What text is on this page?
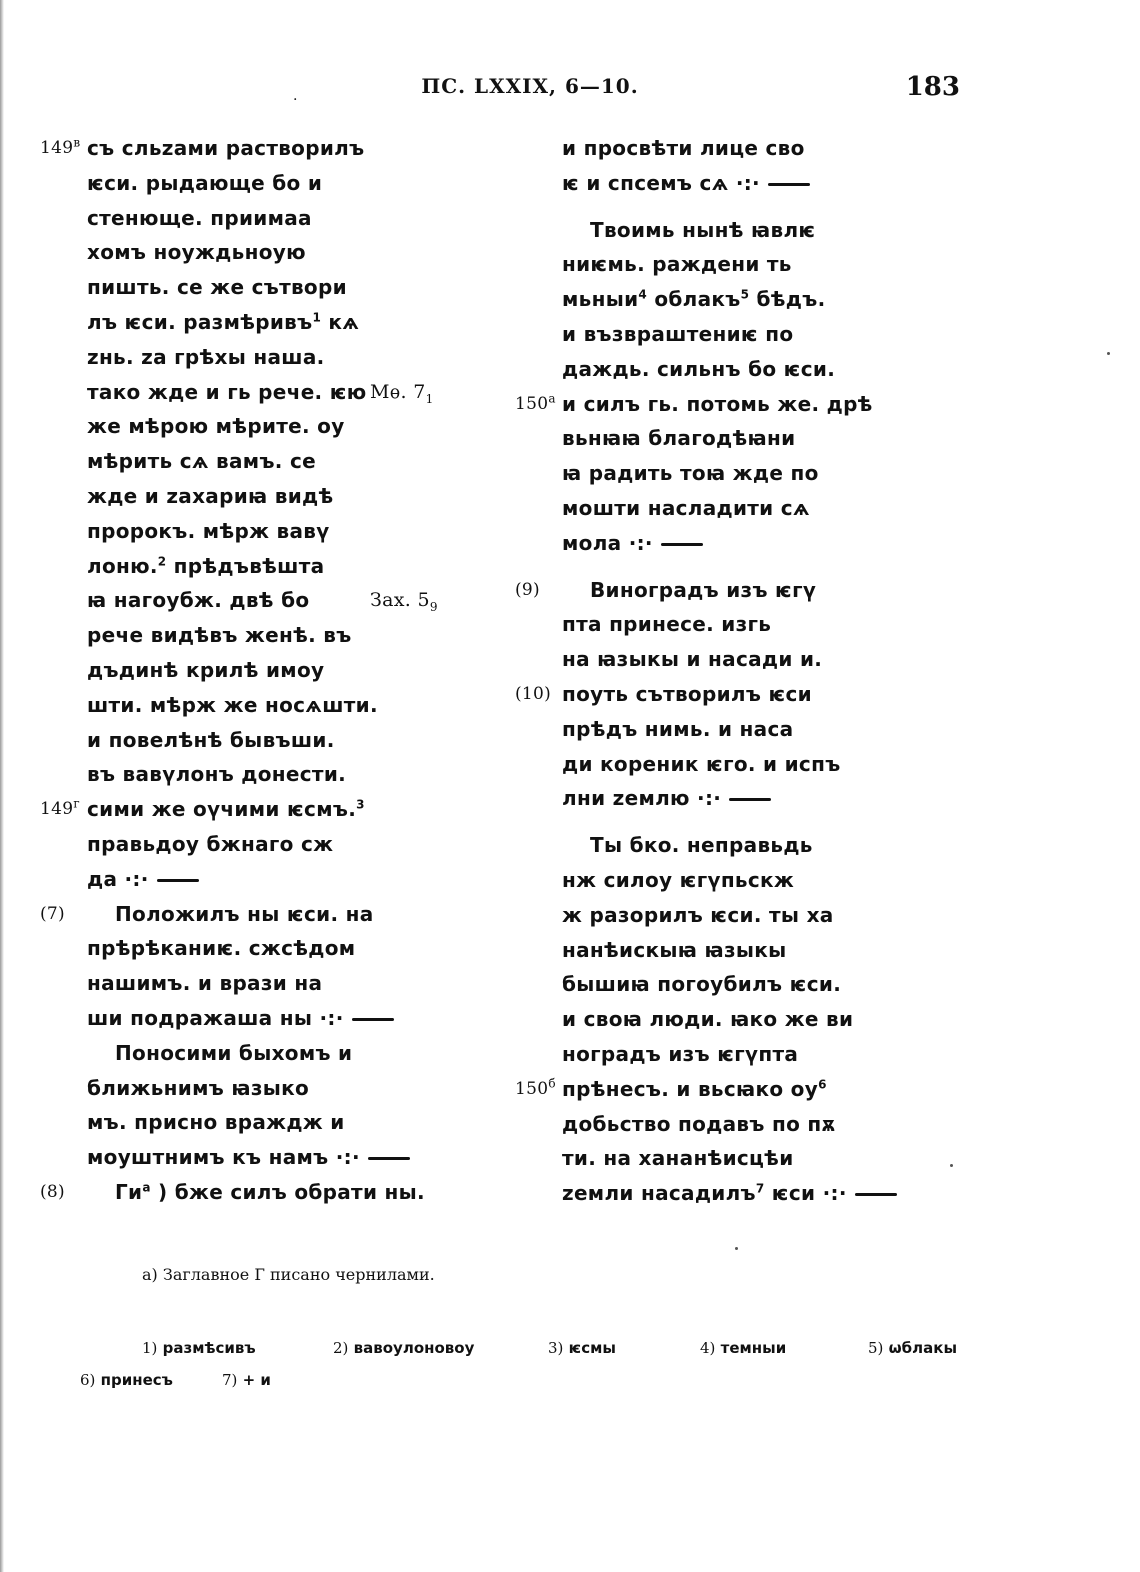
.	ПС. LXXIX, 6—10.	183
$149^в$ съ сльzами растворилъ
ѥси. рыдающе бо и
стенюще. приимаа
хомъ ноуждьноую
пишть. се же сътвори
лъ ѥси. размѣривъ$^1$ кѧ
zнь. za грѣхы наша.
тако жде и гь рече. ѥю Мѳ. $7_1$
же мѣрою мѣрите. оу
мѣрить сѧ вамъ. се
жде и zахариꙗ видѣ
пророкъ. мѣрж вавү
лоню.$^2$ прѣдъвѣшта
ꙗ нагоубж. двѣ бо	Зах. $5_9$
рече видѣвъ женѣ. въ
дъдинѣ крилѣ имоу
шти. мѣрж же носѧшти.
и повелѣнѣ бывъши.
въ вавүлонъ донести.
$149^г$ сими же оүчими ѥсмъ.$^3$
правьдоу бжнаго сж
да ·:·
(7)	Положилъ ны ѥси. на
прѣрѣканиѥ. сжсѣдом
нашимъ. и врази на
ши подражаша ны ·:·
Поносими быхомъ и
ближьнимъ ꙗзыко
мъ. присно враждж и
моуштнимъ къ намъ ·:·
(8)	$Ги^а$ ) бже силъ обрати ны.
и просвѣти лице сво
ѥ и спсемъ сѧ ·:·
Твоимь нынѣ ꙗвлѥ
ниѥмь. раждени ть
мьныи$^4$ облакъ$^5$ бѣдъ.
и възвраштениѥ по
даждь. сильнъ бо ѥси.
$150^а$ и силъ гь. потомь же. дрѣ
вьнꙗꙗ благодѣꙗни
ꙗ радить тоꙗ жде по
мошти насладити сѧ
мола ·:·
(9)	Виноградъ изъ ѥгү
пта принесе. изгь
на ꙗзыкы и насади и.
(10) поуть сътворилъ ѥси
прѣдъ нимь. и наса
ди кореник ѥго. и испъ
лни zемлю ·:·
Ты бко. неправьдь
нж силоу ѥгүпьскж
ж разорилъ ѥси. ты ха
нанѣискыꙗ ꙗзыкы
бышиꙗ погоубилъ ѥси.
и своꙗ люди. ꙗко же ви
ноградъ изъ ѥгүпта
$150^б$ прѣнесъ. и вьсꙗко $оу^6$
добьство подавъ по пѫ
ти. на хананѣисцѣи
zемли насадилъ$^7$ ѥси ·:·
а) Заглавное Г писано чернилами.
1) размѣсивъ	2) вавоулоновоу	3) ѥсмы	4) темныи	5) ѡблакы
6) принесъ	7) + и
